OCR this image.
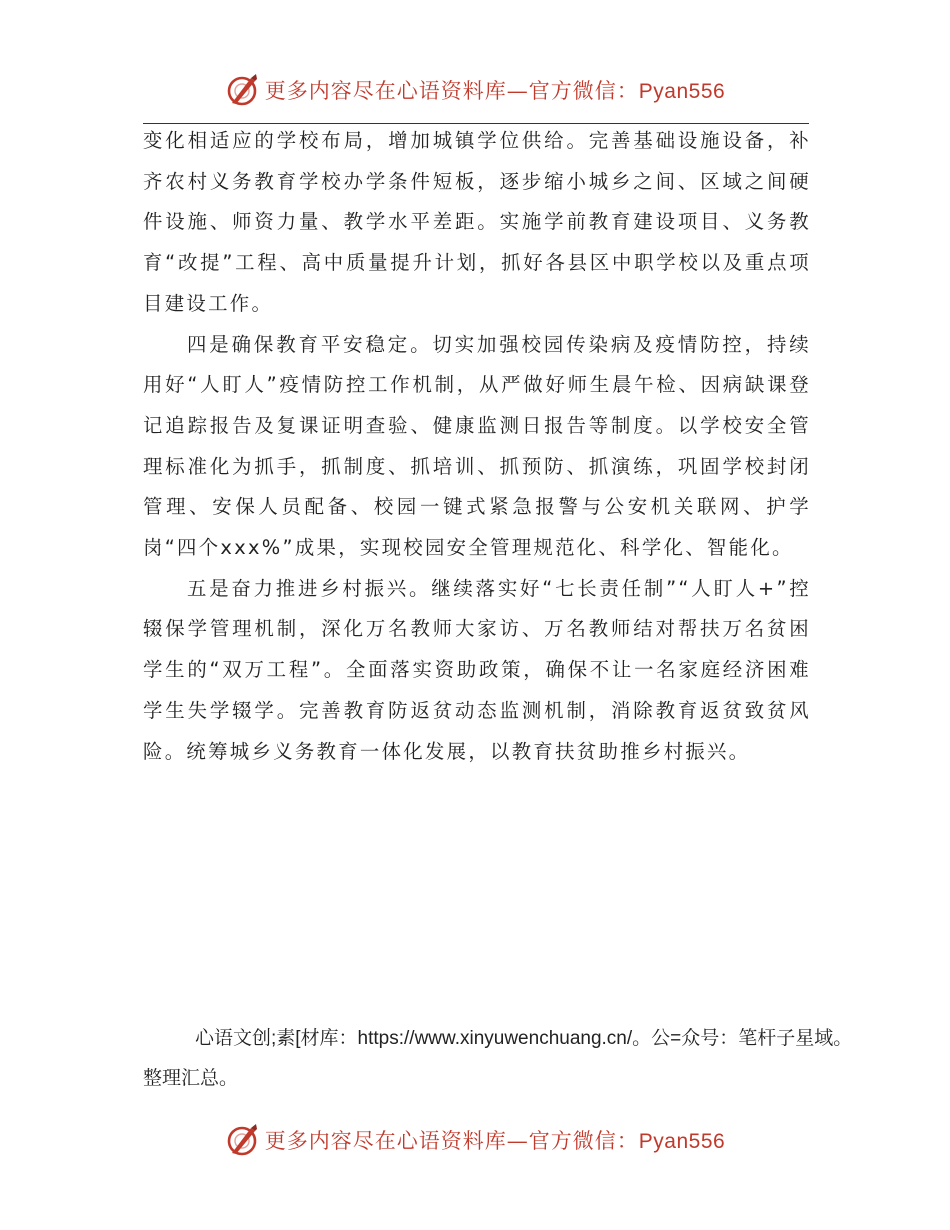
更多内容尽在心语资料库—官方微信：Pyan556

变化相适应的学校布局，增加城镇学位供给。完善基础设施设备，补齐农村义务教育学校办学条件短板，逐步缩小城乡之间、区域之间硬件设施、师资力量、教学水平差距。实施学前教育建设项目、义务教育“改提”工程、高中质量提升计划，抓好各县区中职学校以及重点项目建设工作。

四是确保教育平安稳定。切实加强校园传染病及疫情防控，持续用好“人盯人”疫情防控工作机制，从严做好师生晨午检、因病缺课登记追踪报告及复课证明查验、健康监测日报告等制度。以学校安全管理标准化为抓手，抓制度、抓培训、抓预防、抓演练，巩固学校封闭管理、安保人员配备、校园一键式紧急报警与公安机关联网、护学岗“四个xxx%”成果，实现校园安全管理规范化、科学化、智能化。

五是奋力推进乡村振兴。继续落实好“七长责任制”“人盯人+”控辍保学管理机制，深化万名教师大家访、万名教师结对帮扶万名贫困学生的“双万工程”。全面落实资助政策，确保不让一名家庭经济困难学生失学辍学。完善教育防返贫动态监测机制，消除教育返贫致贫风险。统筹城乡义务教育一体化发展，以教育扶贫助推乡村振兴。

心语文创;素[材库：https://www.xinyuwenchuang.cn/。公=众号：笔杆子星域。
整理汇总。
更多内容尽在心语资料库—官方微信：Pyan556
